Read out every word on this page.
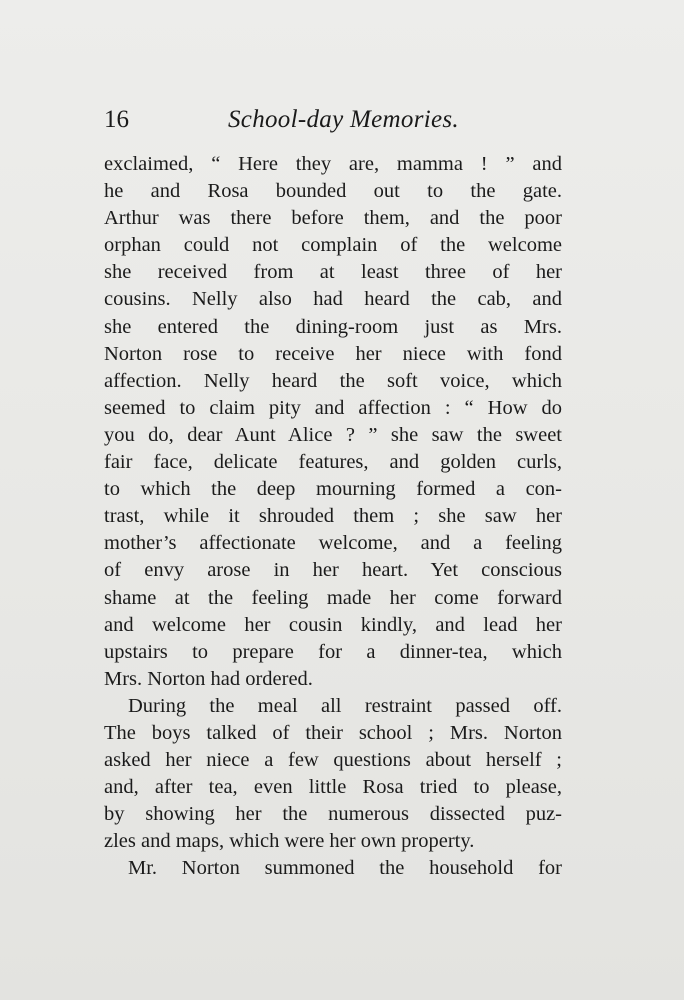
16	School-day Memories.
exclaimed, “ Here they are, mamma ! ” and
he and Rosa bounded out to the gate.
Arthur was there before them, and the poor
orphan could not complain of the welcome
she received from at least three of her
cousins. Nelly also had heard the cab, and
she entered the dining-room just as Mrs.
Norton rose to receive her niece with fond
affection. Nelly heard the soft voice, which
seemed to claim pity and affection : “ How do
you do, dear Aunt Alice ? ” she saw the sweet
fair face, delicate features, and golden curls,
to which the deep mourning formed a con-
trast, while it shrouded them ; she saw her
mother’s affectionate welcome, and a feeling
of envy arose in her heart. Yet conscious
shame at the feeling made her come forward
and welcome her cousin kindly, and lead her
upstairs to prepare for a dinner-tea, which
Mrs. Norton had ordered.
During the meal all restraint passed off.
The boys talked of their school ; Mrs. Norton
asked her niece a few questions about herself ;
and, after tea, even little Rosa tried to please,
by showing her the numerous dissected puz-
zles and maps, which were her own property.
Mr. Norton summoned the household for
